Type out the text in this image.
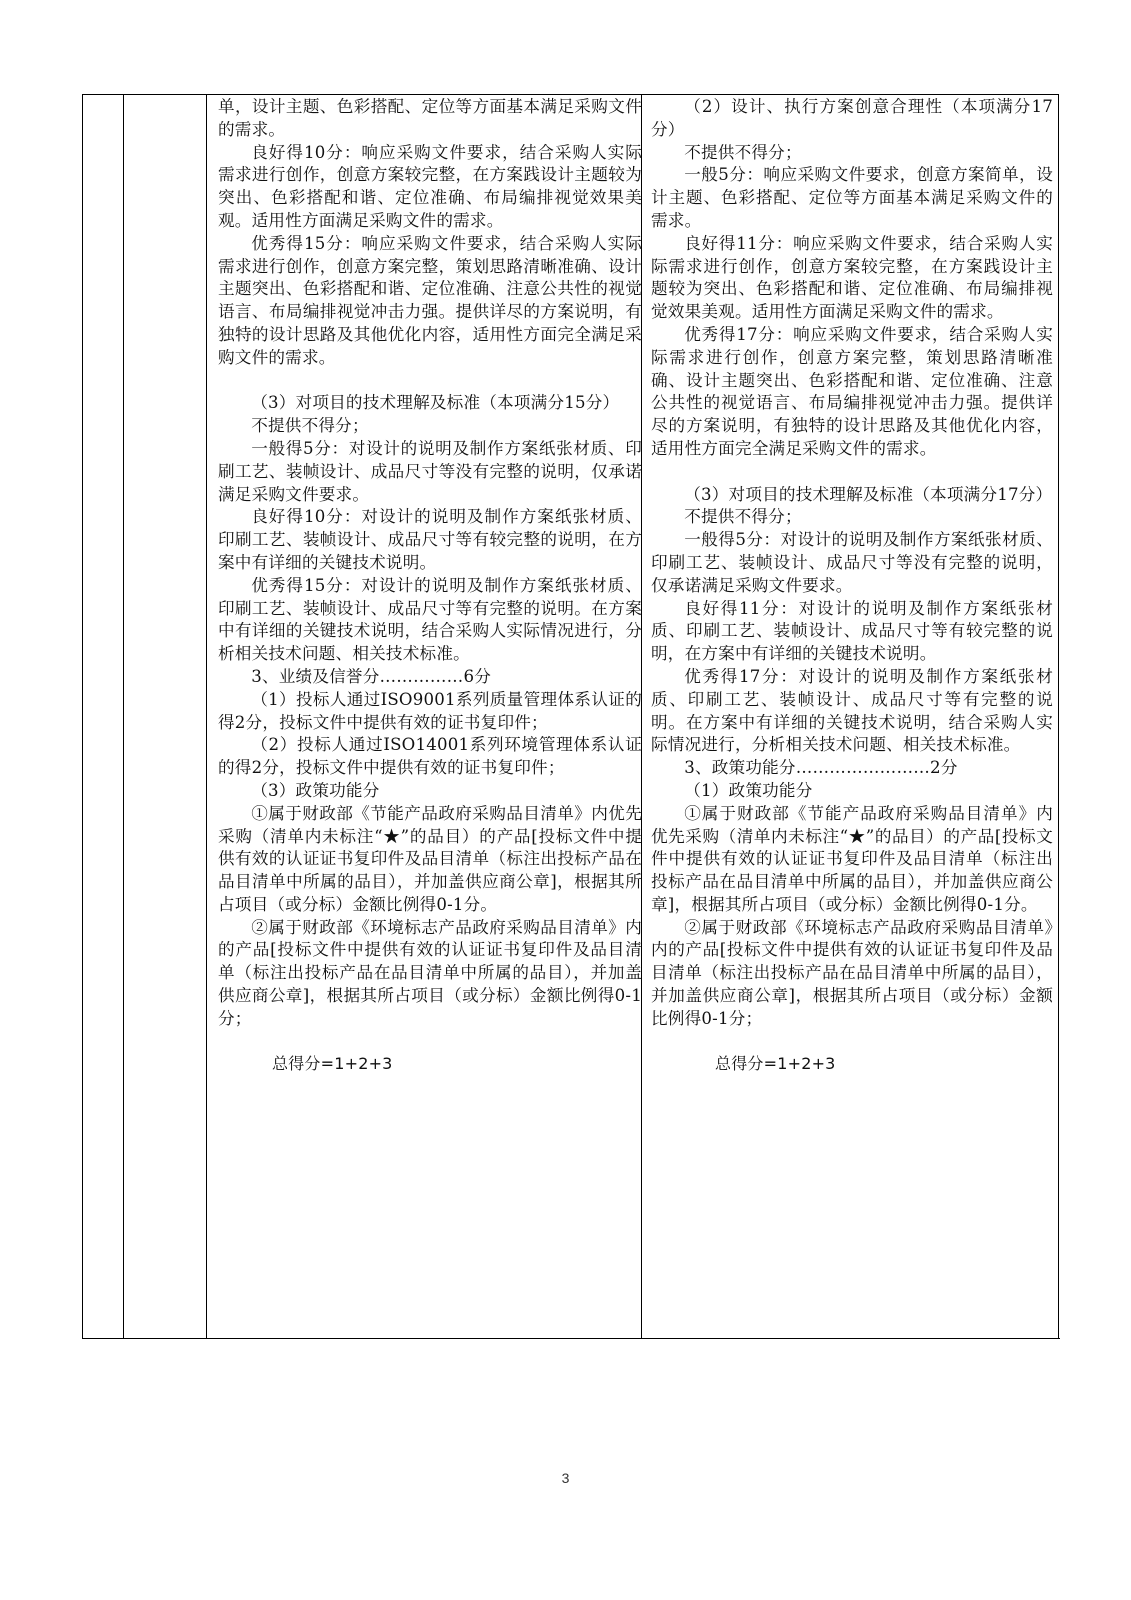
单，设计主题、色彩搭配、定位等方面基本满足采购文件的需求。

良好得10分：响应采购文件要求，结合采购人实际需求进行创作，创意方案较完整，在方案践设计主题较为突出、色彩搭配和谐、定位准确、布局编排视觉效果美观。适用性方面满足采购文件的需求。

优秀得15分：响应采购文件要求，结合采购人实际需求进行创作，创意方案完整，策划思路清晰准确、设计主题突出、色彩搭配和谐、定位准确、注意公共性的视觉语言、布局编排视觉冲击力强。提供详尽的方案说明，有独特的设计思路及其他优化内容，适用性方面完全满足采购文件的需求。

（3）对项目的技术理解及标准（本项满分15分）

不提供不得分；

一般得5分：对设计的说明及制作方案纸张材质、印刷工艺、装帧设计、成品尺寸等没有完整的说明，仅承诺满足采购文件要求。

良好得10分：对设计的说明及制作方案纸张材质、印刷工艺、装帧设计、成品尺寸等有较完整的说明，在方案中有详细的关键技术说明。

优秀得15分：对设计的说明及制作方案纸张材质、印刷工艺、装帧设计、成品尺寸等有完整的说明。在方案中有详细的关键技术说明，结合采购人实际情况进行，分析相关技术问题、相关技术标准。

3、业绩及信誉分……………6分

（1）投标人通过ISO9001系列质量管理体系认证的得2分，投标文件中提供有效的证书复印件；

（2）投标人通过ISO14001系列环境管理体系认证的得2分，投标文件中提供有效的证书复印件；

（3）政策功能分

①属于财政部《节能产品政府采购品目清单》内优先采购（清单内未标注“★”的品目）的产品[投标文件中提供有效的认证证书复印件及品目清单（标注出投标产品在品目清单中所属的品目），并加盖供应商公章]，根据其所占项目（或分标）金额比例得0-1分。

②属于财政部《环境标志产品政府采购品目清单》内的产品[投标文件中提供有效的认证证书复印件及品目清单（标注出投标产品在品目清单中所属的品目），并加盖供应商公章]，根据其所占项目（或分标）金额比例得0-1分；

总得分=1+2+3

（2）设计、执行方案创意合理性（本项满分17分）

不提供不得分；

一般5分：响应采购文件要求，创意方案简单，设计主题、色彩搭配、定位等方面基本满足采购文件的需求。

良好得11分：响应采购文件要求，结合采购人实际需求进行创作，创意方案较完整，在方案践设计主题较为突出、色彩搭配和谐、定位准确、布局编排视觉效果美观。适用性方面满足采购文件的需求。

优秀得17分：响应采购文件要求，结合采购人实际需求进行创作，创意方案完整，策划思路清晰准确、设计主题突出、色彩搭配和谐、定位准确、注意公共性的视觉语言、布局编排视觉冲击力强。提供详尽的方案说明，有独特的设计思路及其他优化内容，适用性方面完全满足采购文件的需求。

（3）对项目的技术理解及标准（本项满分17分）

不提供不得分；

一般得5分：对设计的说明及制作方案纸张材质、印刷工艺、装帧设计、成品尺寸等没有完整的说明，仅承诺满足采购文件要求。

良好得11分：对设计的说明及制作方案纸张材质、印刷工艺、装帧设计、成品尺寸等有较完整的说明，在方案中有详细的关键技术说明。

优秀得17分：对设计的说明及制作方案纸张材质、印刷工艺、装帧设计、成品尺寸等有完整的说明。在方案中有详细的关键技术说明，结合采购人实际情况进行，分析相关技术问题、相关技术标准。

3、政策功能分……………………2分

（1）政策功能分

①属于财政部《节能产品政府采购品目清单》内优先采购（清单内未标注“★”的品目）的产品[投标文件中提供有效的认证证书复印件及品目清单（标注出投标产品在品目清单中所属的品目），并加盖供应商公章]，根据其所占项目（或分标）金额比例得0-1分。

②属于财政部《环境标志产品政府采购品目清单》内的产品[投标文件中提供有效的认证证书复印件及品目清单（标注出投标产品在品目清单中所属的品目），并加盖供应商公章]，根据其所占项目（或分标）金额比例得0-1分；

总得分=1+2+3

3
